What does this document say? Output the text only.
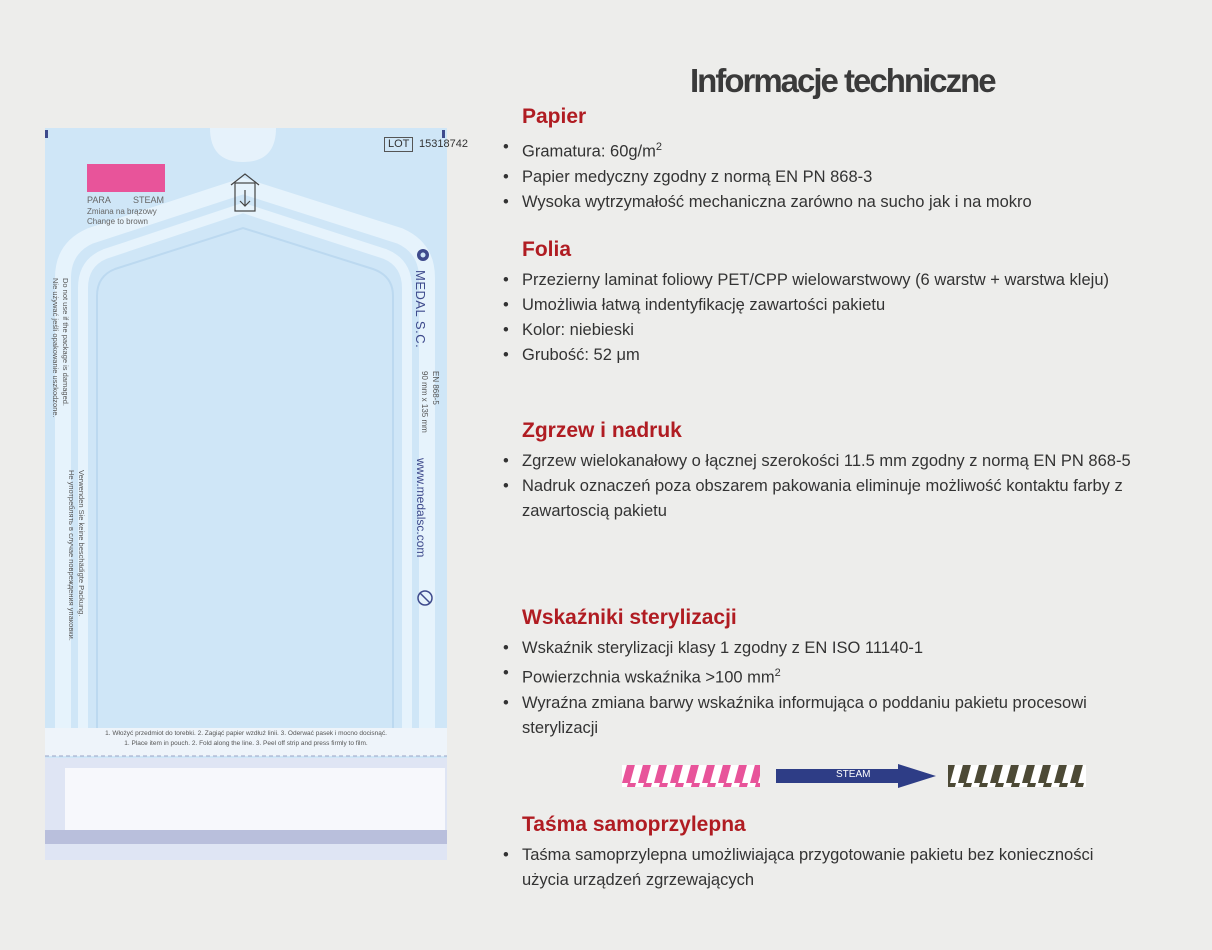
LOT 15318742
PARA STEAM
Zmiana na brązowy
Change to brown
MEDAL S.C.
EN 868-5
90 mm x 135 mm
www.medalsc.com
Nie używać jeśli opakowanie uszkodzone. Do not use if the package is damaged.
Не употреблять в случае повреждения упаковки. Verwenden Sie keine beschädigte Packung.
1. Włożyć przedmiot do torebki. 2. Zagiąć papier wzdłuż linii. 3. Oderwać pasek i mocno docisnąć.
1. Place item in pouch. 2. Fold along the line. 3. Peel off strip and press firmly to film.
Informacje techniczne
Papier
• Gramatura: $60g/m^2$
• Papier medyczny zgodny z normą EN PN 868-3
• Wysoka wytrzymałość mechaniczna zarówno na sucho jak i na mokro
Folia
• Przezierny laminat foliowy PET/CPP wielowarstwowy (6 warstw + warstwa kleju)
• Umożliwia łatwą indentyfikację zawartości pakietu
• Kolor: niebieski
• Grubość: 52 μm
Zgrzew i nadruk
• Zgrzew wielokanałowy o łącznej szerokości 11.5 mm zgodny z normą EN PN 868-5
• Nadruk oznaczeń poza obszarem pakowania eliminuje możliwość kontaktu farby z zawartoscią pakietu
Wskaźniki sterylizacji
• Wskaźnik sterylizacji klasy 1 zgodny z EN ISO 11140-1
• Powierzchnia wskaźnika >100 $mm^2$
• Wyraźna zmiana barwy wskaźnika informująca o poddaniu pakietu procesowi sterylizacji
STEAM
Taśma samoprzylepna
• Taśma samoprzylepna umożliwiająca przygotowanie pakietu bez konieczności użycia urządzeń zgrzewających
